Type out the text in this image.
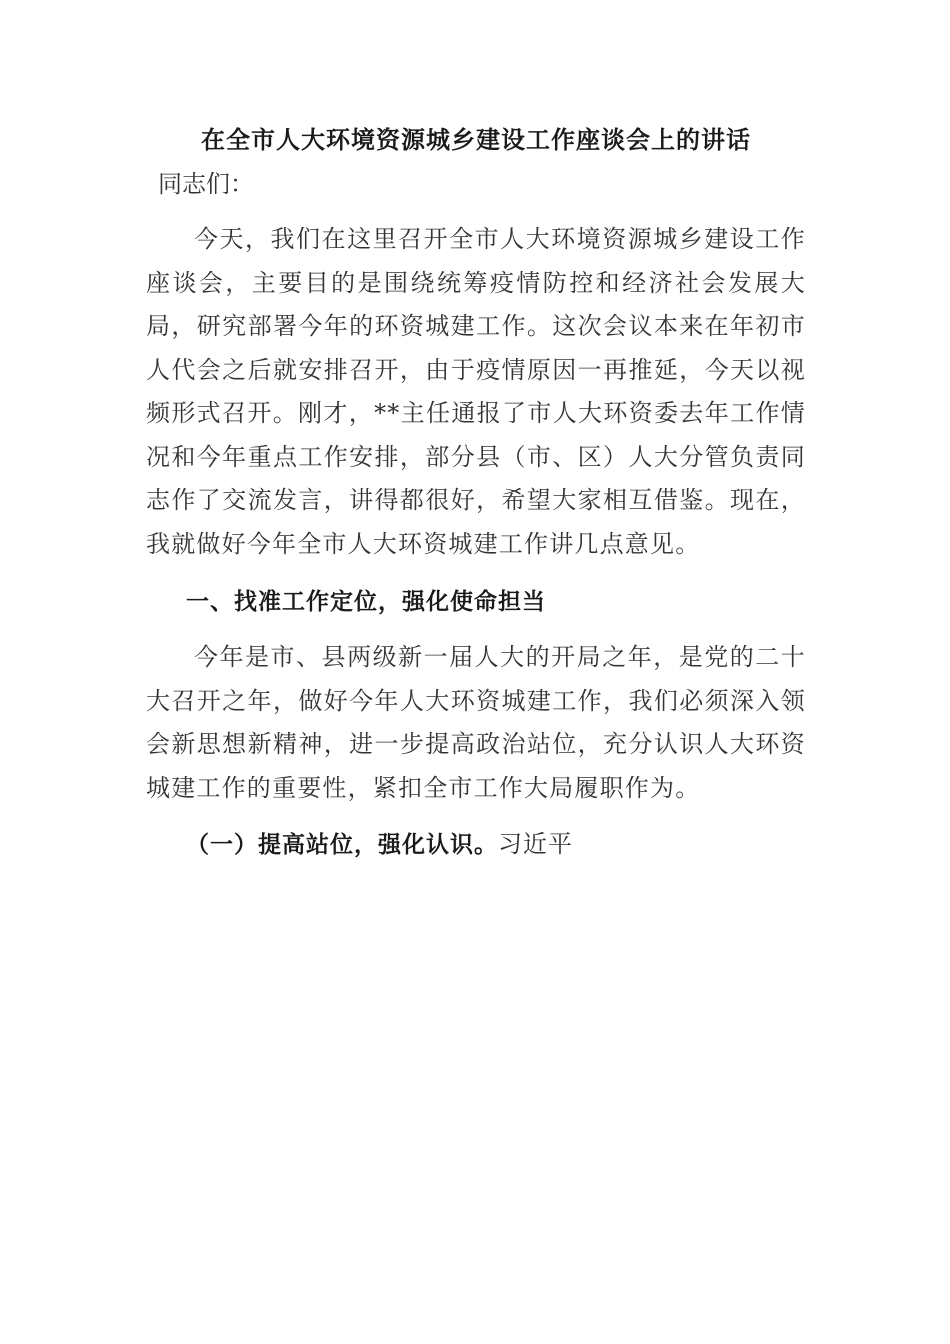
在全市人大环境资源城乡建设工作座谈会上的讲话

同志们：

今天，我们在这里召开全市人大环境资源城乡建设工作座谈会，主要目的是围绕统筹疫情防控和经济社会发展大局，研究部署今年的环资城建工作。这次会议本来在年初市人代会之后就安排召开，由于疫情原因一再推延，今天以视频形式召开。刚才，**主任通报了市人大环资委去年工作情况和今年重点工作安排，部分县（市、区）人大分管负责同志作了交流发言，讲得都很好，希望大家相互借鉴。现在，我就做好今年全市人大环资城建工作讲几点意见。

一、找准工作定位，强化使命担当

今年是市、县两级新一届人大的开局之年，是党的二十大召开之年，做好今年人大环资城建工作，我们必须深入领会新思想新精神，进一步提高政治站位，充分认识人大环资城建工作的重要性，紧扣全市工作大局履职作为。

（一）提高站位，强化认识。习近平
